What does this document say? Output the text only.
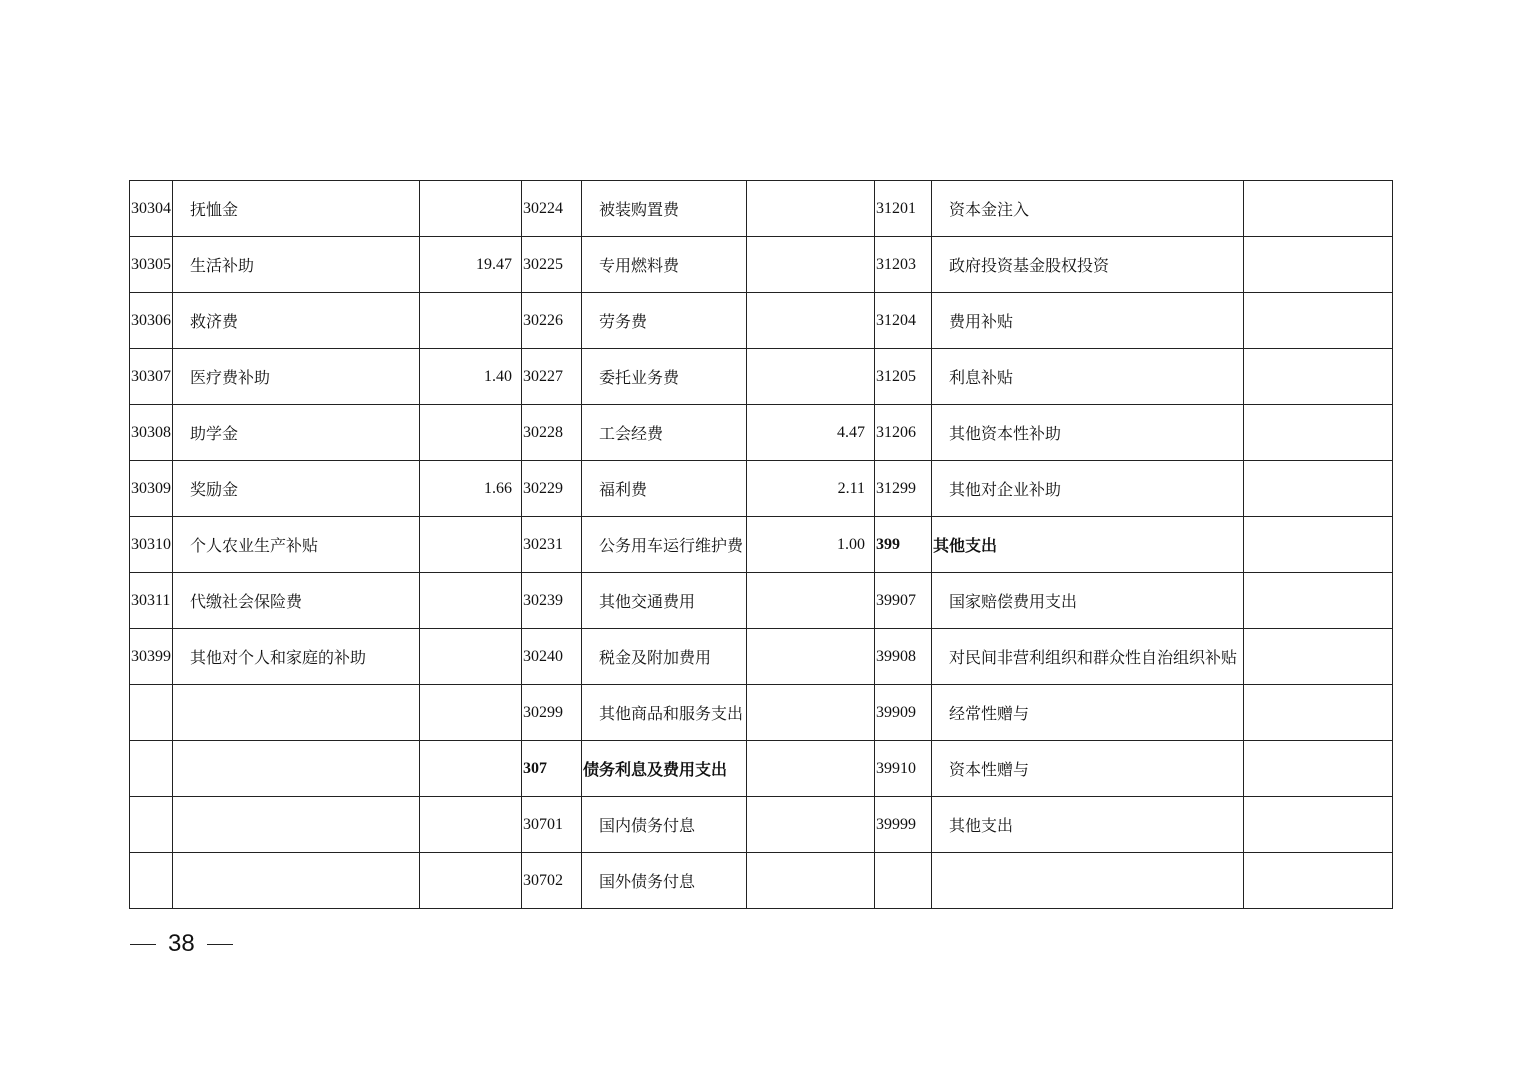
30304	抚恤金		30224	被装购置费		31201	资本金注入	
30305	生活补助	19.47	30225	专用燃料费		31203	政府投资基金股权投资	
30306	救济费		30226	劳务费		31204	费用补贴	
30307	医疗费补助	1.40	30227	委托业务费		31205	利息补贴	
30308	助学金		30228	工会经费	4.47	31206	其他资本性补助	
30309	奖励金	1.66	30229	福利费	2.11	31299	其他对企业补助	
30310	个人农业生产补贴		30231	公务用车运行维护费	1.00	399	其他支出	
30311	代缴社会保险费		30239	其他交通费用		39907	国家赔偿费用支出	
30399	其他对个人和家庭的补助		30240	税金及附加费用		39908	对民间非营利组织和群众性自治组织补贴	
			30299	其他商品和服务支出		39909	经常性赠与	
			307	债务利息及费用支出		39910	资本性赠与	
			30701	国内债务付息		39999	其他支出	
			30702	国外债务付息				
38
